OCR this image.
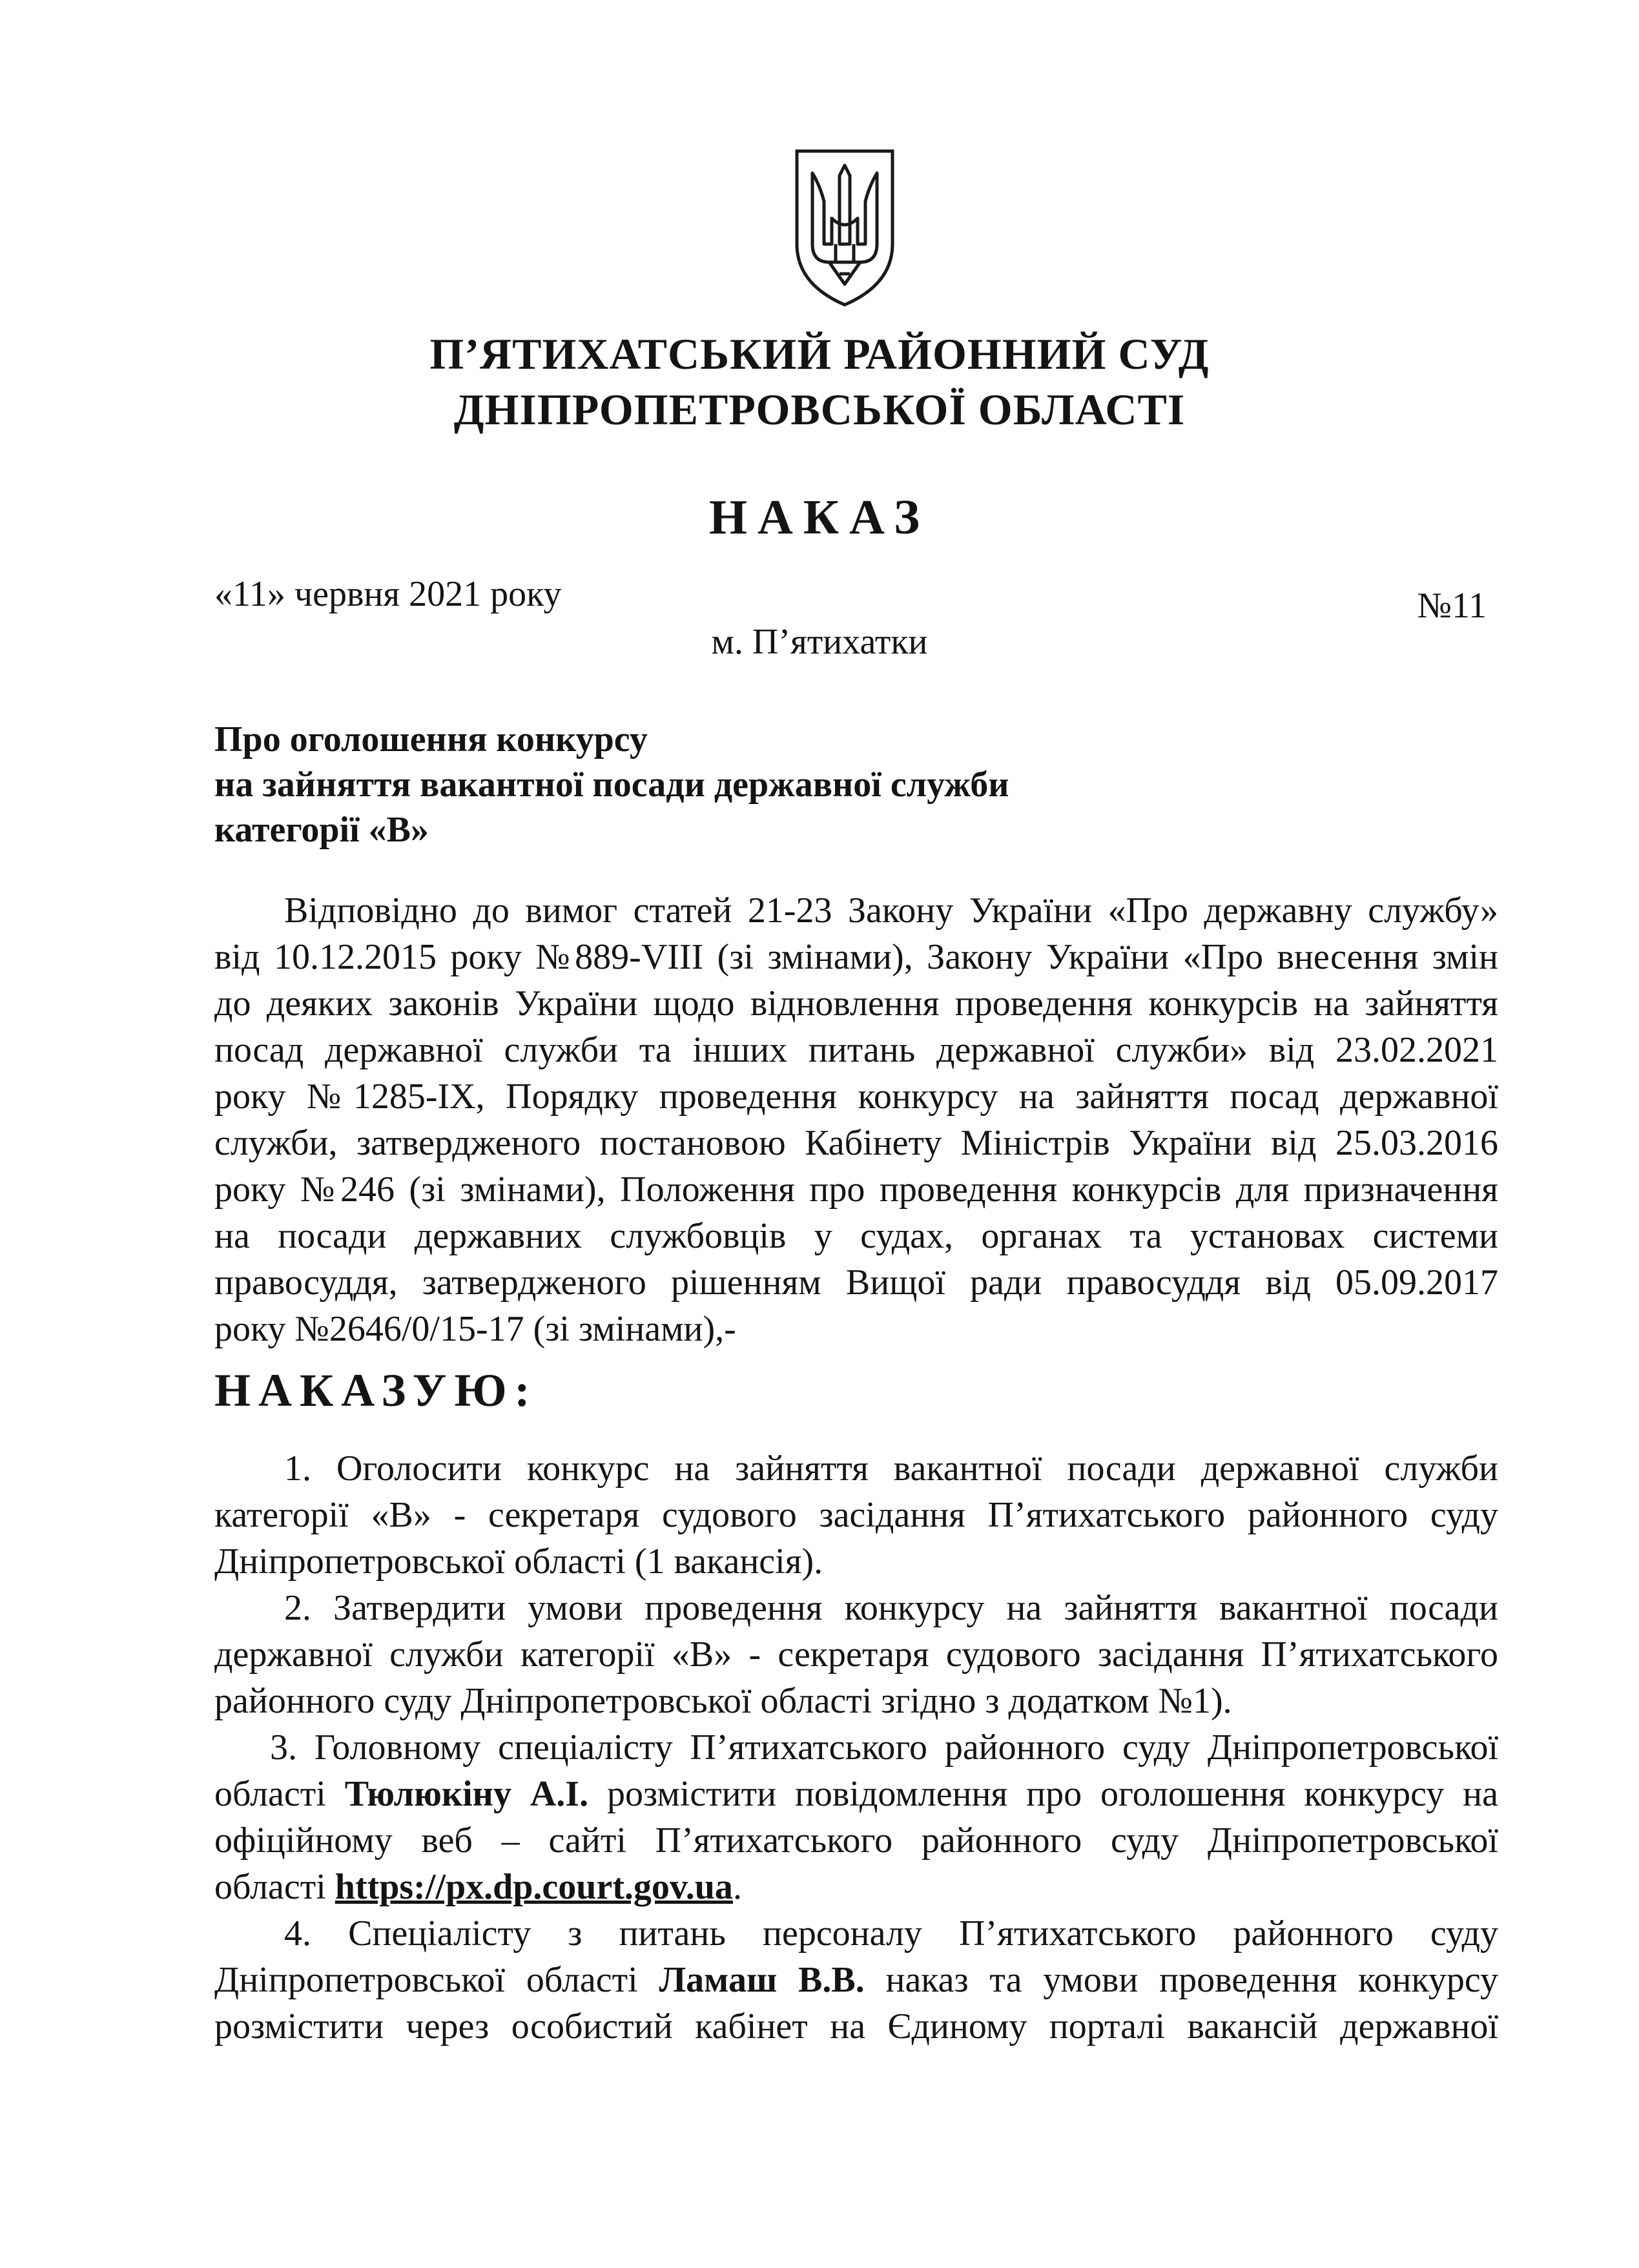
П’ЯТИХАТСЬКИЙ РАЙОННИЙ СУД
ДНІПРОПЕТРОВСЬКОЇ ОБЛАСТІ
НАКАЗ
«11» червня 2021 року	№11
м. П’ятихатки
Про оголошення конкурсу
на зайняття вакантної посади державної служби
категорії «В»
Відповідно до вимог статей 21-23 Закону України «Про державну службу»
від 10.12.2015 року №889-VIII (зі змінами), Закону України «Про внесення змін
до деяких законів України щодо відновлення проведення конкурсів на зайняття
посад державної служби та інших питань державної служби» від 23.02.2021
року №1285-IX, Порядку проведення конкурсу на зайняття посад державної
служби, затвердженого постановою Кабінету Міністрів України від 25.03.2016
року №246 (зі змінами), Положення про проведення конкурсів для призначення
на посади державних службовців у судах, органах та установах системи
правосуддя, затвердженого рішенням Вищої ради правосуддя від 05.09.2017
року №2646/0/15-17 (зі змінами),-
НАКАЗУЮ:
1. Оголосити конкурс на зайняття вакантної посади державної служби
категорії «В» - секретаря судового засідання П’ятихатського районного суду
Дніпропетровської області (1 вакансія).
2. Затвердити умови проведення конкурсу на зайняття вакантної посади
державної служби категорії «В» - секретаря судового засідання П’ятихатського
районного суду Дніпропетровської області згідно з додатком №1).
3. Головному спеціалісту П’ятихатського районного суду Дніпропетровської
області Тюлюкіну А.І. розмістити повідомлення про оголошення конкурсу на
офіційному веб – сайті П’ятихатського районного суду Дніпропетровської
області https://px.dp.court.gov.ua.
4. Спеціалісту з питань персоналу П’ятихатського районного суду
Дніпропетровської області Ламаш В.В. наказ та умови проведення конкурсу
розмістити через особистий кабінет на Єдиному порталі вакансій державної
